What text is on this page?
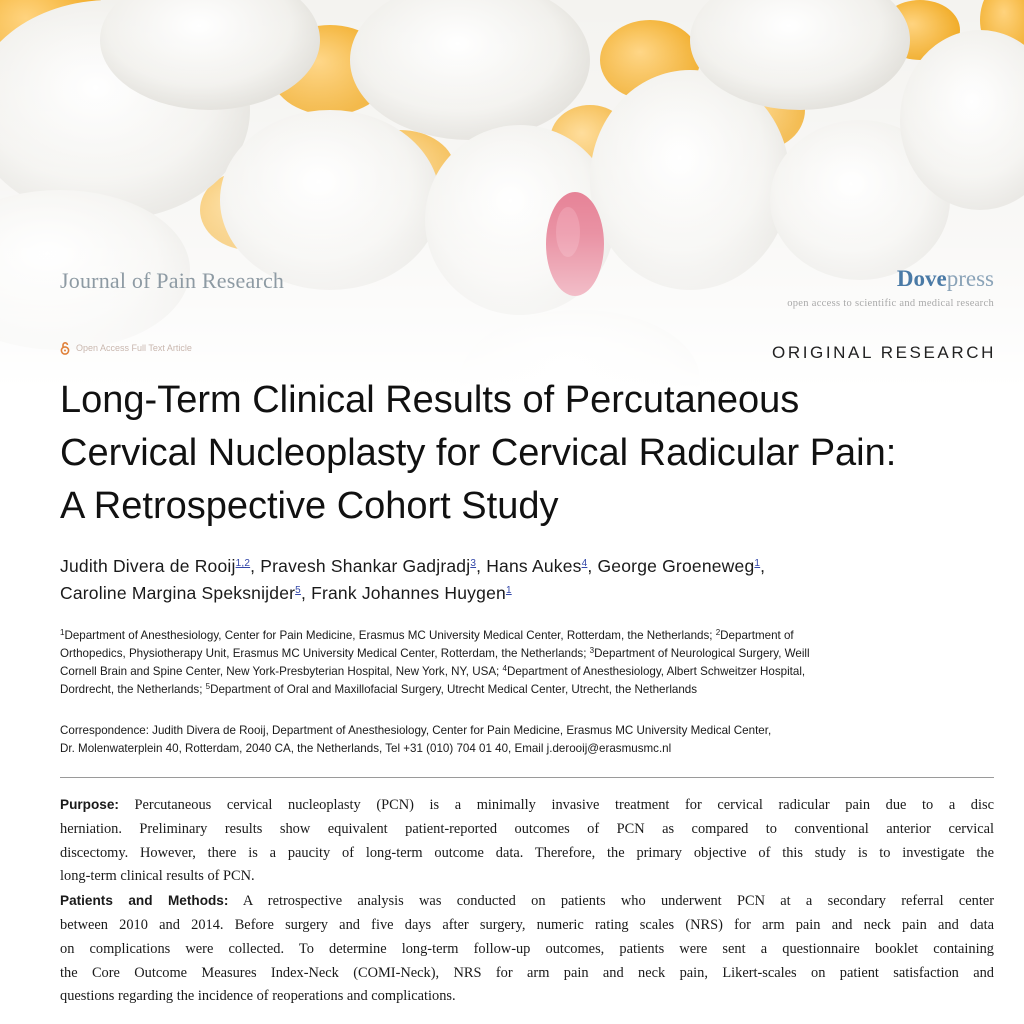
Journal of Pain Research	Dovepress
open access to scientific and medical research
Open Access Full Text Article	ORIGINAL RESEARCH
Long-Term Clinical Results of Percutaneous
Cervical Nucleoplasty for Cervical Radicular Pain:
A Retrospective Cohort Study
Judith Divera de Rooij$^{1,2}$, Pravesh Shankar Gadjradj$^3$, Hans Aukes$^4$, George Groeneweg$^1$,
Caroline Margina Speksnijder$^5$, Frank Johannes Huygen$^1$
$^1$Department of Anesthesiology, Center for Pain Medicine, Erasmus MC University Medical Center, Rotterdam, the Netherlands; $^2$Department of
Orthopedics, Physiotherapy Unit, Erasmus MC University Medical Center, Rotterdam, the Netherlands; $^3$Department of Neurological Surgery, Weill
Cornell Brain and Spine Center, New York-Presbyterian Hospital, New York, NY, USA; $^4$Department of Anesthesiology, Albert Schweitzer Hospital,
Dordrecht, the Netherlands; $^5$Department of Oral and Maxillofacial Surgery, Utrecht Medical Center, Utrecht, the Netherlands
Correspondence: Judith Divera de Rooij, Department of Anesthesiology, Center for Pain Medicine, Erasmus MC University Medical Center,
Dr. Molenwaterplein 40, Rotterdam, 2040 CA, the Netherlands, Tel +31 (010) 704 01 40, Email j.derooij@erasmusmc.nl
Purpose: Percutaneous cervical nucleoplasty (PCN) is a minimally invasive treatment for cervical radicular pain due to a disc
herniation. Preliminary results show equivalent patient-reported outcomes of PCN as compared to conventional anterior cervical
discectomy. However, there is a paucity of long-term outcome data. Therefore, the primary objective of this study is to investigate the
long-term clinical results of PCN.
Patients and Methods: A retrospective analysis was conducted on patients who underwent PCN at a secondary referral center
between 2010 and 2014. Before surgery and five days after surgery, numeric rating scales (NRS) for arm pain and neck pain and data
on complications were collected. To determine long-term follow-up outcomes, patients were sent a questionnaire booklet containing
the Core Outcome Measures Index-Neck (COMI-Neck), NRS for arm pain and neck pain, Likert-scales on patient satisfaction and
questions regarding the incidence of reoperations and complications.
